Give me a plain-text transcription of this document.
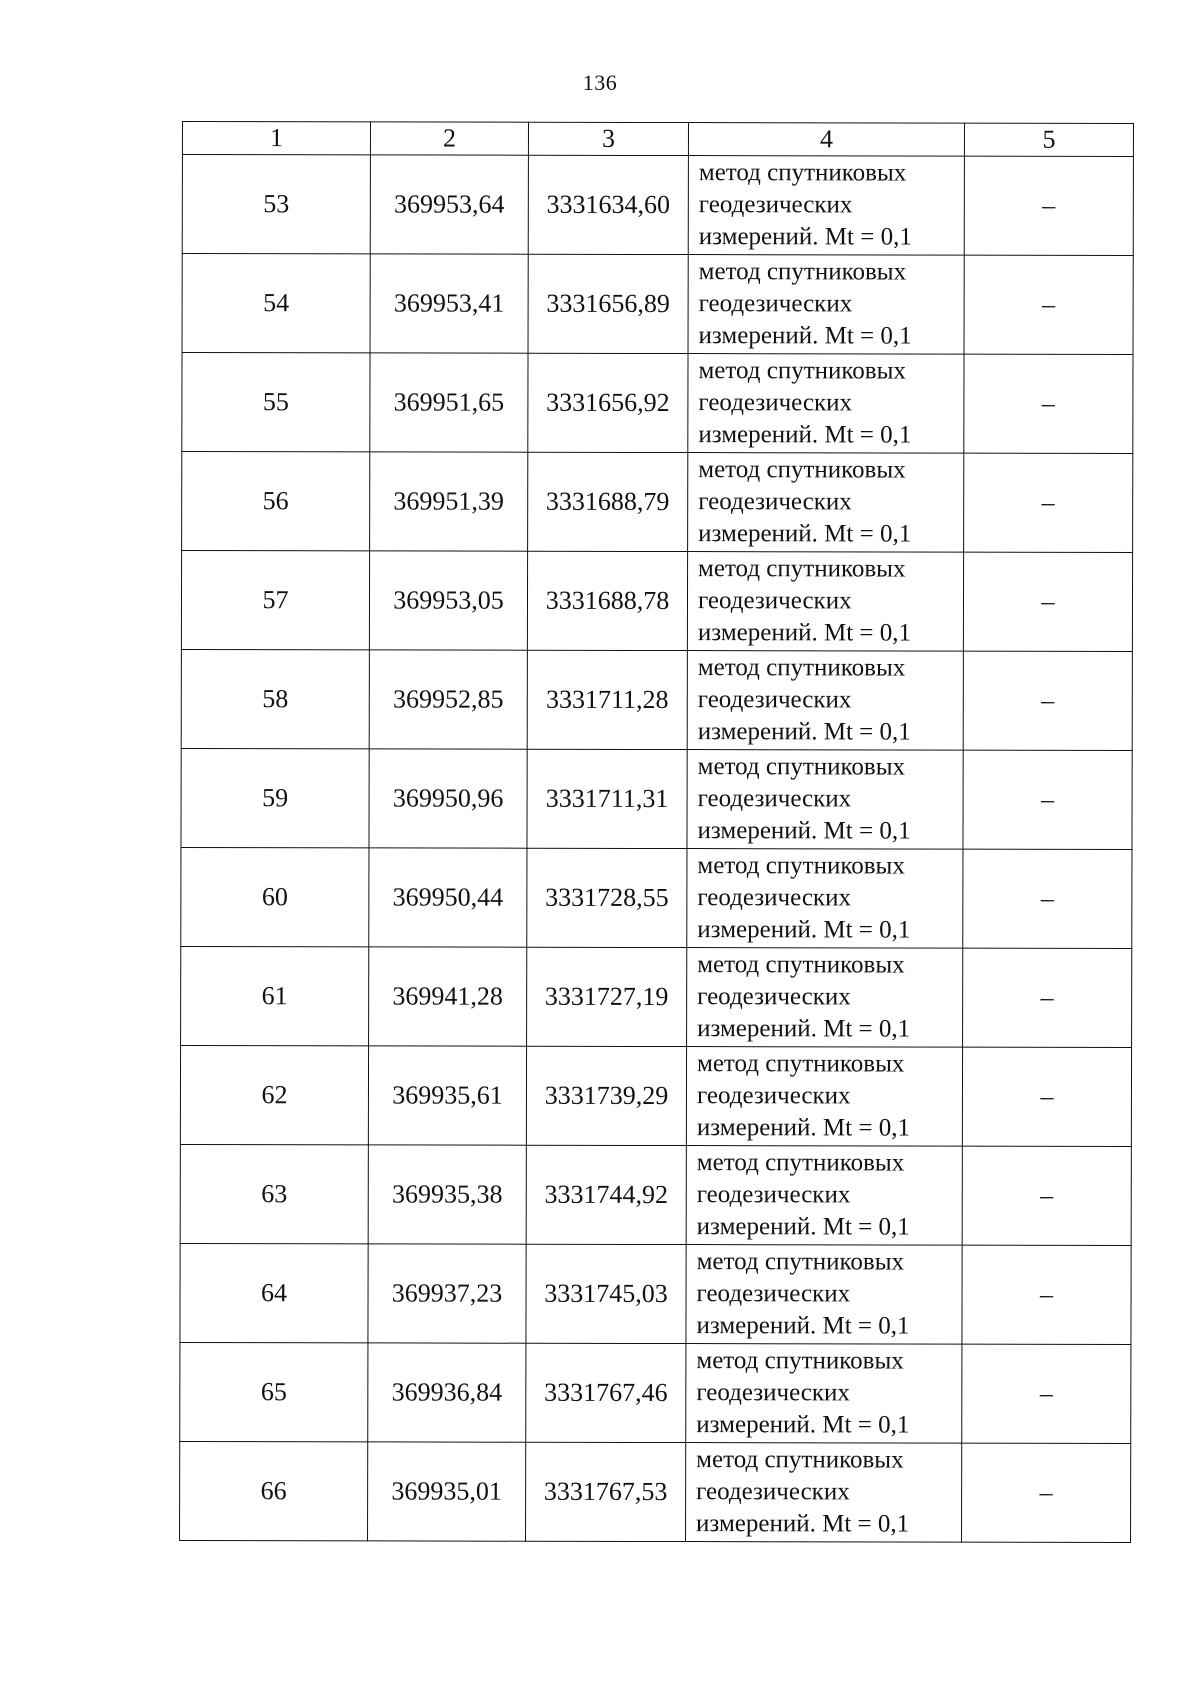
136
1	2	3	4	5
53	369953,64	3331634,60	метод спутниковых
геодезических
измерений. Mt = 0,1	–
54	369953,41	3331656,89	метод спутниковых
геодезических
измерений. Mt = 0,1	–
55	369951,65	3331656,92	метод спутниковых
геодезических
измерений. Mt = 0,1	–
56	369951,39	3331688,79	метод спутниковых
геодезических
измерений. Mt = 0,1	–
57	369953,05	3331688,78	метод спутниковых
геодезических
измерений. Mt = 0,1	–
58	369952,85	3331711,28	метод спутниковых
геодезических
измерений. Mt = 0,1	–
59	369950,96	3331711,31	метод спутниковых
геодезических
измерений. Mt = 0,1	–
60	369950,44	3331728,55	метод спутниковых
геодезических
измерений. Mt = 0,1	–
61	369941,28	3331727,19	метод спутниковых
геодезических
измерений. Mt = 0,1	–
62	369935,61	3331739,29	метод спутниковых
геодезических
измерений. Mt = 0,1	–
63	369935,38	3331744,92	метод спутниковых
геодезических
измерений. Mt = 0,1	–
64	369937,23	3331745,03	метод спутниковых
геодезических
измерений. Mt = 0,1	–
65	369936,84	3331767,46	метод спутниковых
геодезических
измерений. Mt = 0,1	–
66	369935,01	3331767,53	метод спутниковых
геодезических
измерений. Mt = 0,1	–
